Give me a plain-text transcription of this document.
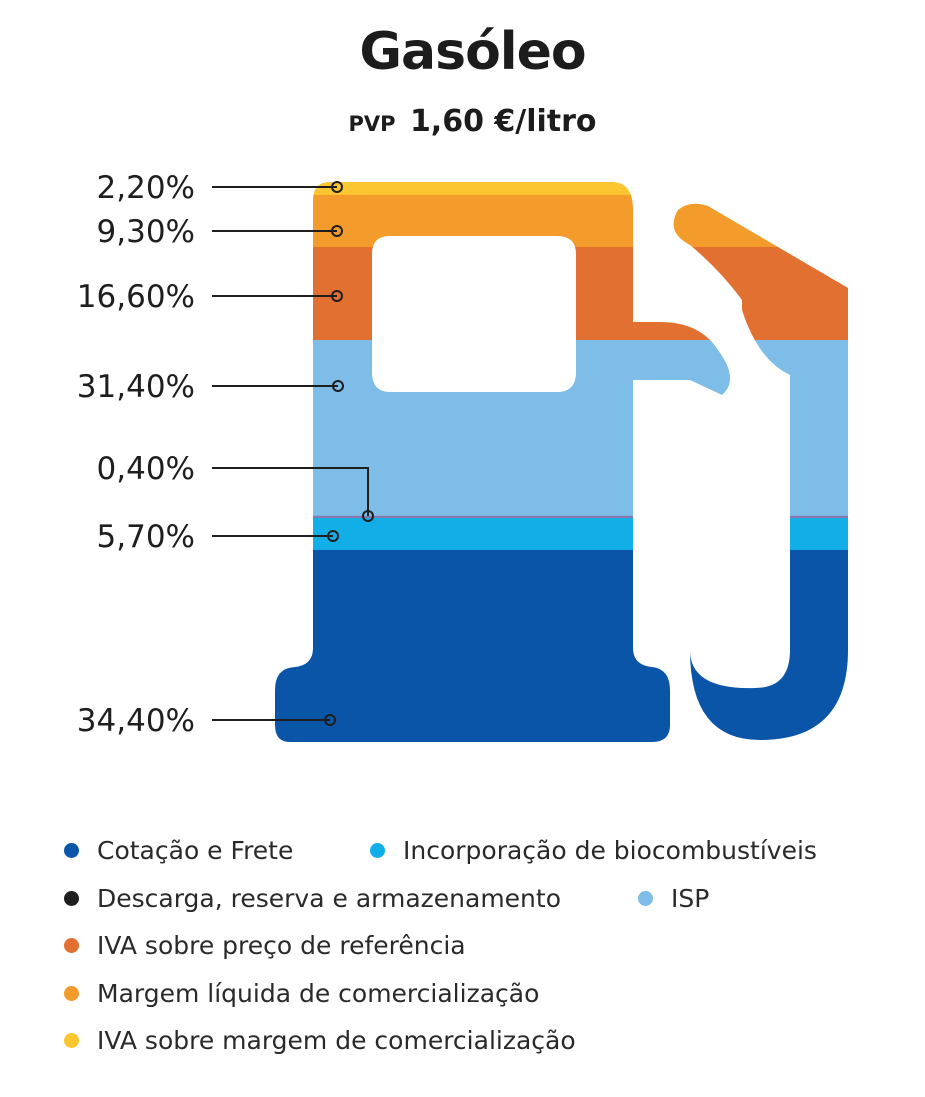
Gasóleo
PVP 1,60 €/litro
34,40%
5,70%
0,40%
31,40%
16,60%
9,30%
2,20%
Cotação e Frete	Incorporação de biocombustíveis
Descarga, reserva e armazenamento	ISP
IVA sobre preço de referência
Margem líquida de comercialização
IVA sobre margem de comercialização
